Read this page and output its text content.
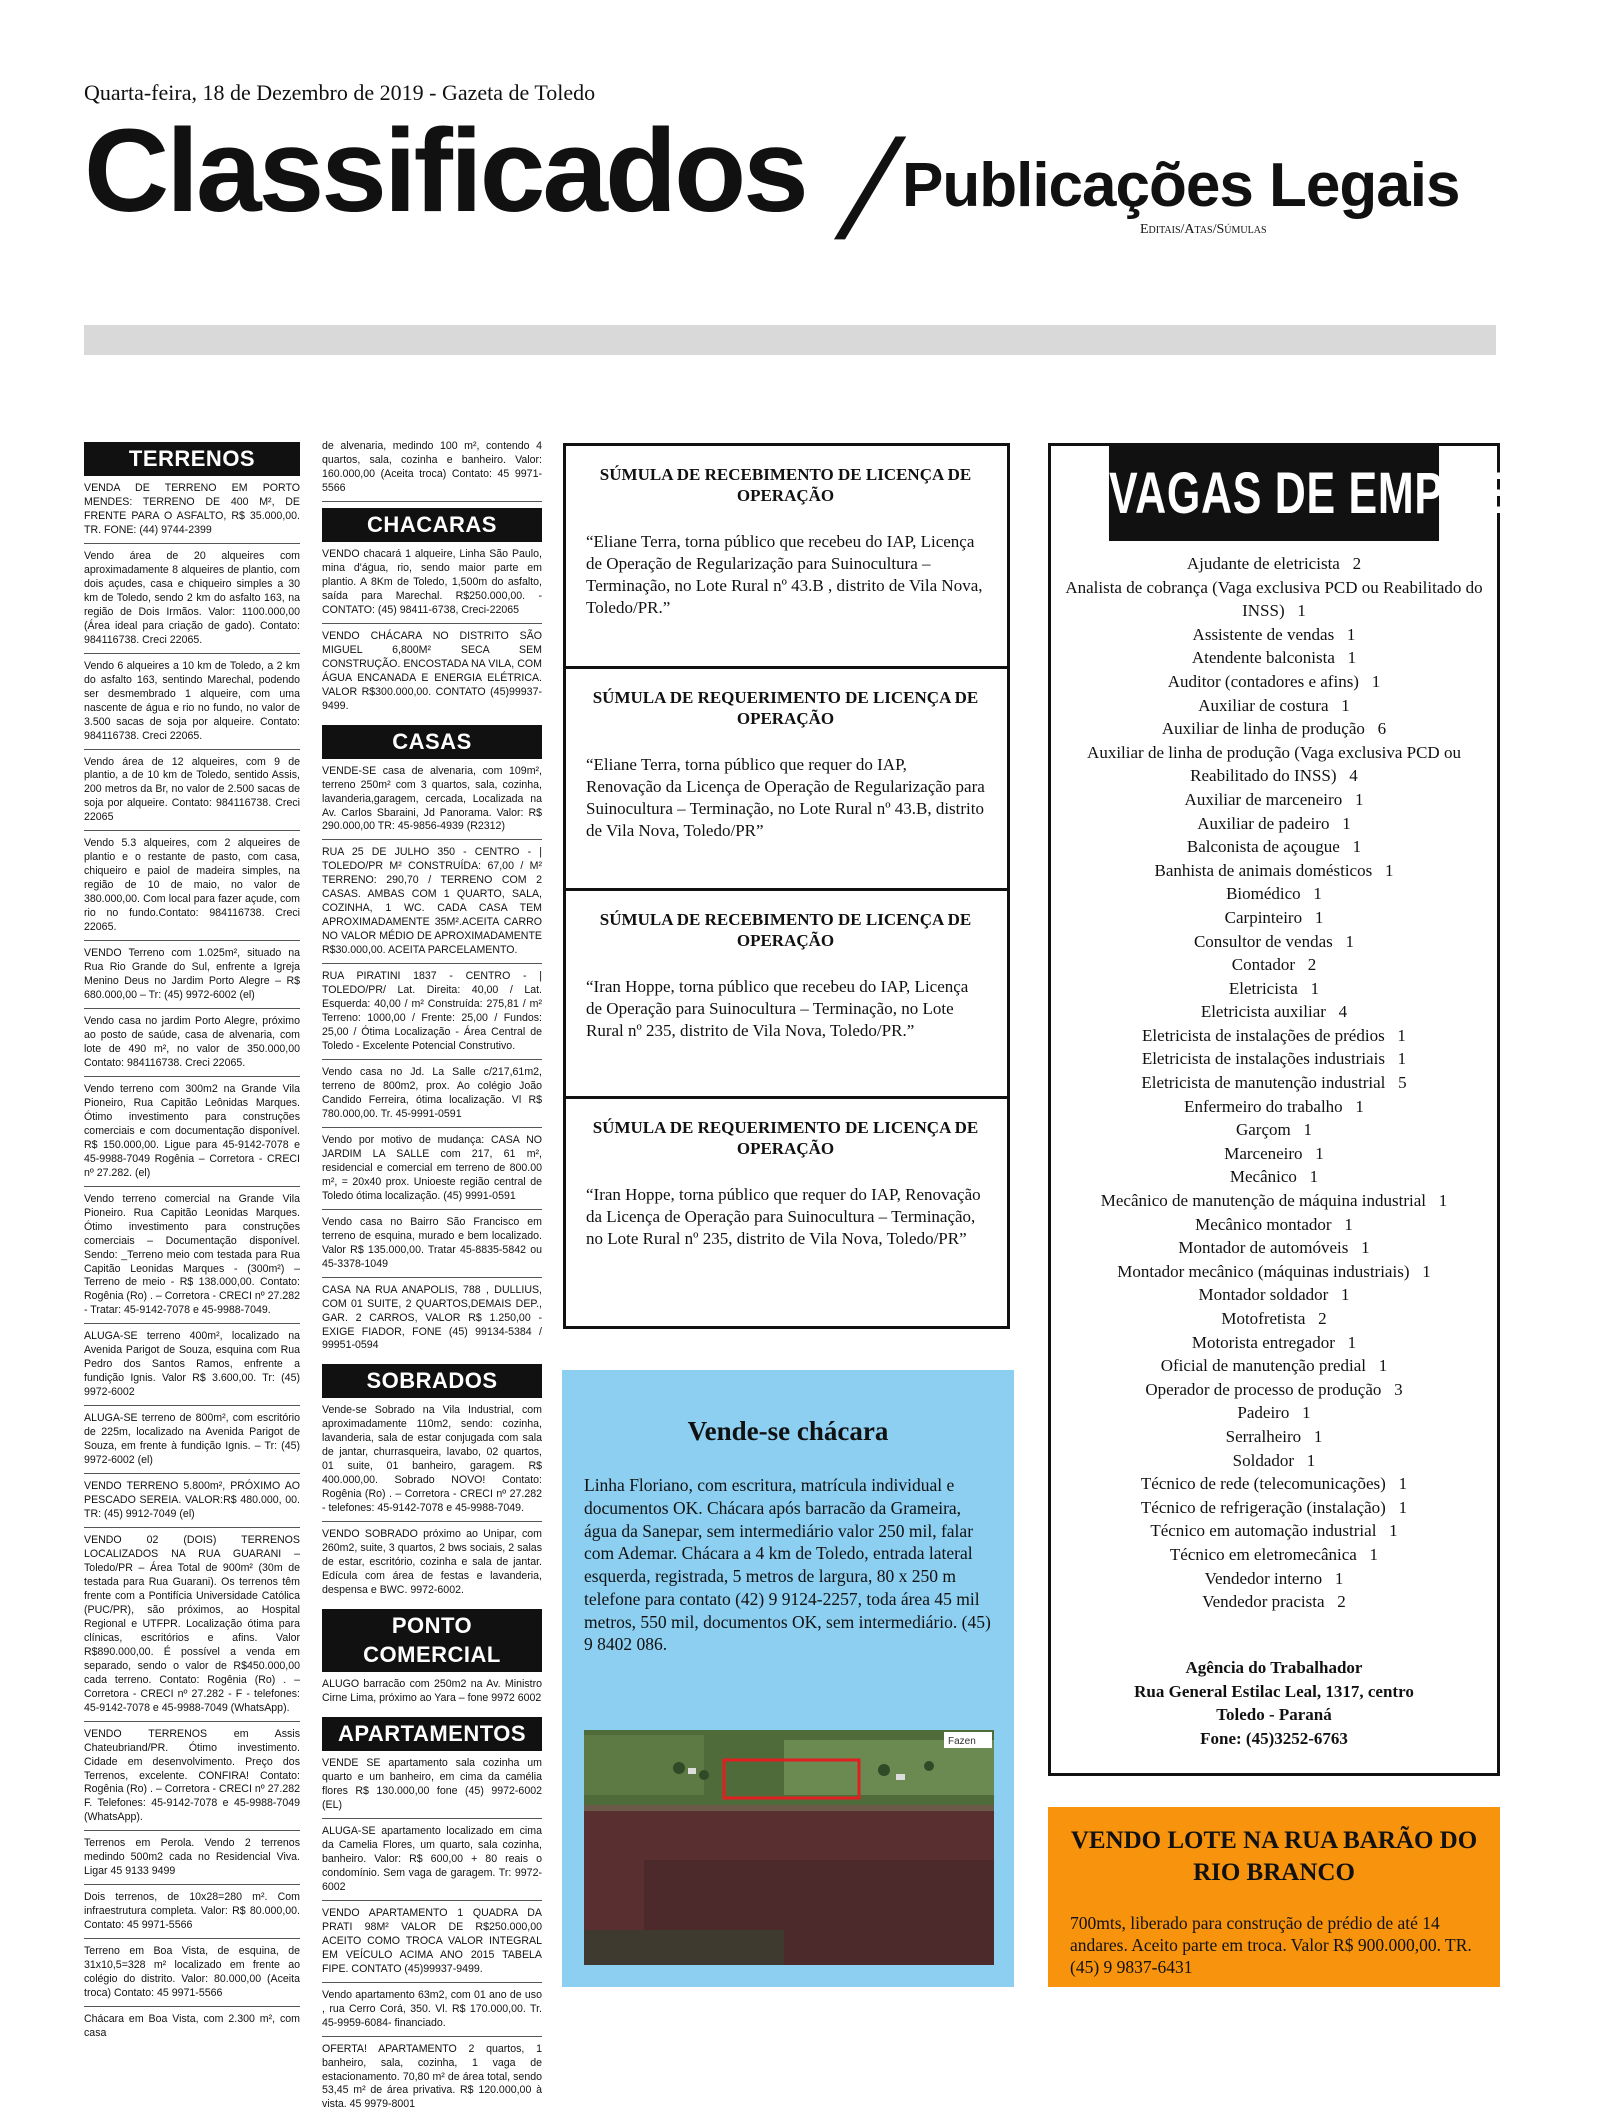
Quarta-feira, 18 de Dezembro de 2019 - Gazeta de Toledo
Classificados /
Publicações Legais
Editais/Atas/Súmulas
TERRENOS
VENDA DE TERRENO EM PORTO MENDES: TERRENO DE 400 M², DE FRENTE PARA O ASFALTO, R$ 35.000,00. TR. FONE: (44) 9744-2399
Vendo área de 20 alqueires com aproximadamente 8 alqueires de plantio, com dois açudes, casa e chiqueiro simples a 30 km de Toledo, sendo 2 km do asfalto 163, na região de Dois Irmãos. Valor: 1100.000,00 (Área ideal para criação de gado). Contato: 984116738. Creci 22065.
Vendo 6 alqueires a 10 km de Toledo, a 2 km do asfalto 163, sentindo Marechal, podendo ser desmembrado 1 alqueire, com uma nascente de água e rio no fundo, no valor de 3.500 sacas de soja por alqueire. Contato: 984116738. Creci 22065.
Vendo área de 12 alqueires, com 9 de plantio, a de 10 km de Toledo, sentido Assis, 200 metros da Br, no valor de 2.500 sacas de soja por alqueire. Contato: 984116738. Creci 22065
Vendo 5.3 alqueires, com 2 alqueires de plantio e o restante de pasto, com casa, chiqueiro e paiol de madeira simples, na região de 10 de maio, no valor de 380.000,00. Com local para fazer açude, com rio no fundo.Contato: 984116738. Creci 22065.
VENDO Terreno com 1.025m², situado na Rua Rio Grande do Sul, enfrente a Igreja Menino Deus no Jardim Porto Alegre – R$ 680.000,00 – Tr: (45) 9972-6002 (el)
Vendo casa no jardim Porto Alegre, próximo ao posto de saúde, casa de alvenaria, com lote de 490 m², no valor de 350.000,00 Contato: 984116738. Creci 22065.
Vendo terreno com 300m2 na Grande Vila Pioneiro, Rua Capitão Leônidas Marques. Ótimo investimento para construções comerciais e com documentação disponível. R$ 150.000,00. Ligue para 45-9142-7078 e 45-9988-7049 Rogênia – Corretora - CRECI nº 27.282. (el)
Vendo terreno comercial na Grande Vila Pioneiro. Rua Capitão Leonidas Marques. Ótimo investimento para construções comerciais – Documentação disponível. Sendo: _Terreno meio com testada para Rua Capitão Leonidas Marques - (300m²) – Terreno de meio - R$ 138.000,00. Contato: Rogênia (Ro) . – Corretora - CRECI nº 27.282 - Tratar: 45-9142-7078 e 45-9988-7049.
ALUGA-SE terreno 400m², localizado na Avenida Parigot de Souza, esquina com Rua Pedro dos Santos Ramos, enfrente a fundição Ignis. Valor R$ 3.600,00. Tr: (45) 9972-6002
ALUGA-SE terreno de 800m², com escritório de 225m, localizado na Avenida Parigot de Souza, em frente à fundição Ignis. – Tr: (45) 9972-6002 (el)
VENDO TERRENO 5.800m², PRÓXIMO AO PESCADO SEREIA. VALOR:R$ 480.000, 00. TR: (45) 9912-7049 (el)
VENDO 02 (DOIS) TERRENOS LOCALIZADOS NA RUA GUARANI – Toledo/PR – Área Total de 900m² (30m de testada para Rua Guarani). Os terrenos têm frente com a Pontifícia Universidade Católica (PUC/PR), são próximos, ao Hospital Regional e UTFPR. Localização ótima para clínicas, escritórios e afins. Valor R$890.000,00. É possível a venda em separado, sendo o valor de R$450.000,00 cada terreno. Contato: Rogênia (Ro) . – Corretora - CRECI nº 27.282 - F - telefones: 45-9142-7078 e 45-9988-7049 (WhatsApp).
VENDO TERRENOS em Assis Chateubriand/PR. Ótimo investimento. Cidade em desenvolvimento. Preço dos Terrenos, excelente. CONFIRA! Contato: Rogênia (Ro) . – Corretora - CRECI nº 27.282 F. Telefones: 45-9142-7078 e 45-9988-7049 (WhatsApp).
Terrenos em Perola. Vendo 2 terrenos medindo 500m2 cada no Residencial Viva. Ligar 45 9133 9499
Dois terrenos, de 10x28=280 m². Com infraestrutura completa. Valor: R$ 80.000,00. Contato: 45 9971-5566
Terreno em Boa Vista, de esquina, de 31x10,5=328 m² localizado em frente ao colégio do distrito. Valor: 80.000,00 (Aceita troca) Contato: 45 9971-5566
Chácara em Boa Vista, com 2.300 m², com casa
de alvenaria, medindo 100 m², contendo 4 quartos, sala, cozinha e banheiro. Valor: 160.000,00 (Aceita troca) Contato: 45 9971-5566
CHACARAS
VENDO chacará 1 alqueire, Linha São Paulo, mina d'água, rio, sendo maior parte em plantio. A 8Km de Toledo, 1,500m do asfalto, saída para Marechal. R$250.000,00. - CONTATO: (45) 98411-6738, Creci-22065
VENDO CHÁCARA NO DISTRITO SÃO MIGUEL 6,800M² SECA SEM CONSTRUÇÃO. ENCOSTADA NA VILA, COM ÁGUA ENCANADA E ENERGIA ELÉTRICA. VALOR R$300.000,00. CONTATO (45)99937-9499.
CASAS
VENDE-SE casa de alvenaria, com 109m², terreno 250m² com 3 quartos, sala, cozinha, lavanderia,garagem, cercada, Localizada na Av. Carlos Sbaraini, Jd Panorama. Valor: R$ 290.000,00 TR: 45-9856-4939 (R2312)
RUA 25 DE JULHO 350 - CENTRO - | TOLEDO/PR M² CONSTRUÍDA: 67,00 / M² TERRENO: 290,70 / TERRENO COM 2 CASAS. AMBAS COM 1 QUARTO, SALA, COZINHA, 1 WC. CADA CASA TEM APROXIMADAMENTE 35M².ACEITA CARRO NO VALOR MÉDIO DE APROXIMADAMENTE R$30.000,00. ACEITA PARCELAMENTO.
RUA PIRATINI 1837 - CENTRO - | TOLEDO/PR/ Lat. Direita: 40,00 / Lat. Esquerda: 40,00 / m² Construída: 275,81 / m² Terreno: 1000,00 / Frente: 25,00 / Fundos: 25,00 / Ótima Localização - Área Central de Toledo - Excelente Potencial Construtivo.
Vendo casa no Jd. La Salle c/217,61m2, terreno de 800m2, prox. Ao colégio João Candido Ferreira, ótima localização. Vl R$ 780.000,00. Tr. 45-9991-0591
Vendo por motivo de mudança: CASA NO JARDIM LA SALLE com 217, 61 m², residencial e comercial em terreno de 800.00 m², = 20x40 prox. Unioeste região central de Toledo ótima localização. (45) 9991-0591
Vendo casa no Bairro São Francisco em terreno de esquina, murado e bem localizado. Valor R$ 135.000,00. Tratar 45-8835-5842 ou 45-3378-1049
CASA NA RUA ANAPOLIS, 788 , DULLIUS, COM 01 SUITE, 2 QUARTOS,DEMAIS DEP., GAR. 2 CARROS, VALOR R$ 1.250,00 - EXIGE FIADOR, FONE (45) 99134-5384 / 99951-0594
SOBRADOS
Vende-se Sobrado na Vila Industrial, com aproximadamente 110m2, sendo: cozinha, lavanderia, sala de estar conjugada com sala de jantar, churrasqueira, lavabo, 02 quartos, 01 suite, 01 banheiro, garagem. R$ 400.000,00. Sobrado NOVO! Contato: Rogênia (Ro) . – Corretora - CRECI nº 27.282 - telefones: 45-9142-7078 e 45-9988-7049.
VENDO SOBRADO próximo ao Unipar, com 260m2, suite, 3 quartos, 2 bws sociais, 2 salas de estar, escritório, cozinha e sala de jantar. Edícula com área de festas e lavanderia, despensa e BWC. 9972-6002.
PONTO COMERCIAL
ALUGO barracão com 250m2 na Av. Ministro Cirne Lima, próximo ao Yara – fone 9972 6002
APARTAMENTOS
VENDE SE apartamento sala cozinha um quarto e um banheiro, em cima da camélia flores R$ 130.000,00 fone (45) 9972-6002 (EL)
ALUGA-SE apartamento localizado em cima da Camelia Flores, um quarto, sala cozinha, banheiro. Valor: R$ 600,00 + 80 reais o condomínio. Sem vaga de garagem. Tr: 9972-6002
VENDO APARTAMENTO 1 QUADRA DA PRATI 98M² VALOR DE R$250.000,00 ACEITO COMO TROCA VALOR INTEGRAL EM VEÍCULO ACIMA ANO 2015 TABELA FIPE. CONTATO (45)99937-9499.
Vendo apartamento 63m2, com 01 ano de uso , rua Cerro Corá, 350. Vl. R$ 170.000,00. Tr. 45-9959-6084- financiado.
OFERTA! APARTAMENTO 2 quartos, 1 banheiro, sala, cozinha, 1 vaga de estacionamento. 70,80 m² de área total, sendo 53,45 m² de área privativa. R$ 120.000,00 à vista. 45 9979-8001
SÚMULA DE RECEBIMENTO DE LICENÇA DE OPERAÇÃO

“Eliane Terra, torna público que recebeu do IAP, Licença de Operação de Regularização para Suinocultura – Terminação, no Lote Rural nº 43.B , distrito de Vila Nova, Toledo/PR.”

SÚMULA DE REQUERIMENTO DE LICENÇA DE OPERAÇÃO

“Eliane Terra, torna público que requer do IAP, Renovação da Licença de Operação de Regularização para Suinocultura – Terminação, no Lote Rural nº 43.B, distrito de Vila Nova, Toledo/PR”

SÚMULA DE RECEBIMENTO DE LICENÇA DE OPERAÇÃO

“Iran Hoppe, torna público que recebeu do IAP, Licença de Operação para Suinocultura – Terminação, no Lote Rural nº 235, distrito de Vila Nova, Toledo/PR.”

SÚMULA DE REQUERIMENTO DE LICENÇA DE OPERAÇÃO

“Iran Hoppe, torna público que requer do IAP, Renovação da Licença de Operação para Suinocultura – Terminação, no Lote Rural nº 235, distrito de Vila Nova, Toledo/PR”

Vende-se chácara
Linha Floriano, com escritura, matrícula individual e documentos OK. Chácara após barracão da Grameira, água da Sanepar, sem intermediário valor 250 mil, falar com Ademar. Chácara a 4 km de Toledo, entrada lateral esquerda, registrada, 5 metros de largura, 80 x 250 m telefone para contato (42) 9 9124-2257, toda área 45 mil metros, 550 mil, documentos OK, sem intermediário. (45) 9 8402 086.
Fazen
VAGAS DE EMPREGO
Ajudante de eletricista   2
Analista de cobrança (Vaga exclusiva PCD ou Reabilitado do INSS)   1
Assistente de vendas   1
Atendente balconista   1
Auditor (contadores e afins)   1
Auxiliar de costura   1
Auxiliar de linha de produção   6
Auxiliar de linha de produção (Vaga exclusiva PCD ou Reabilitado do INSS)   4
Auxiliar de marceneiro   1
Auxiliar de padeiro   1
Balconista de açougue   1
Banhista de animais domésticos   1
Biomédico   1
Carpinteiro   1
Consultor de vendas   1
Contador   2
Eletricista   1
Eletricista auxiliar   4
Eletricista de instalações de prédios   1
Eletricista de instalações industriais   1
Eletricista de manutenção industrial   5
Enfermeiro do trabalho   1
Garçom   1
Marceneiro   1
Mecânico   1
Mecânico de manutenção de máquina industrial   1
Mecânico montador   1
Montador de automóveis   1
Montador mecânico (máquinas industriais)   1
Montador soldador   1
Motofretista   2
Motorista entregador   1
Oficial de manutenção predial   1
Operador de processo de produção   3
Padeiro   1
Serralheiro   1
Soldador   1
Técnico de rede (telecomunicações)   1
Técnico de refrigeração (instalação)   1
Técnico em automação industrial   1
Técnico em eletromecânica   1
Vendedor interno   1
Vendedor pracista   2
Agência do Trabalhador
Rua General Estilac Leal, 1317, centro
Toledo - Paraná
Fone: (45)3252-6763
VENDO LOTE NA RUA BARÃO DO RIO BRANCO
700mts, liberado para construção de prédio de até 14 andares. Aceito parte em troca. Valor R$ 900.000,00. TR. (45) 9 9837-6431
